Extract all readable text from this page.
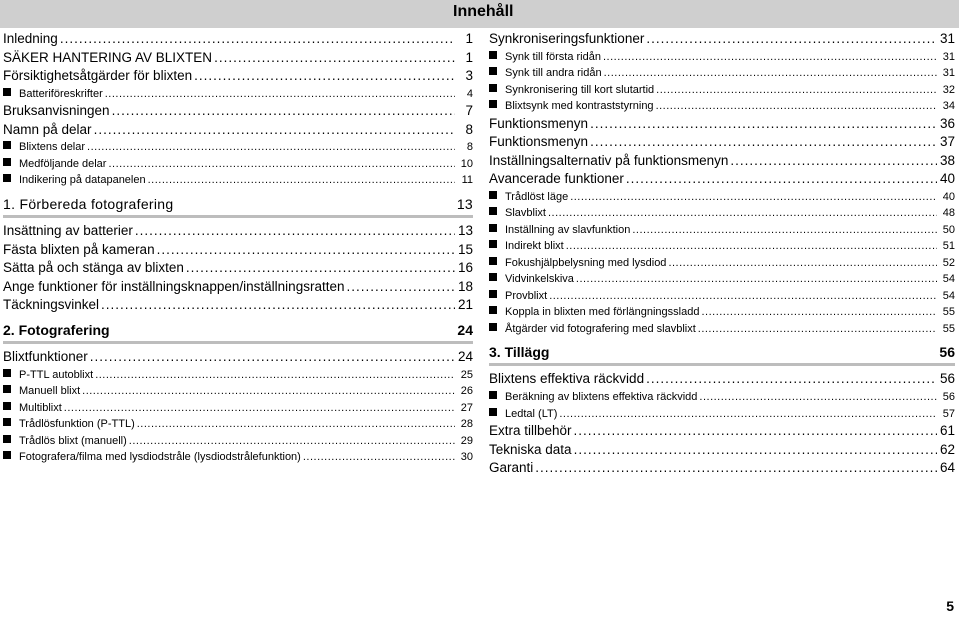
Innehåll
Inledning .....	1
SÄKER HANTERING AV BLIXTEN .....	1
Försiktighetsåtgärder för blixten .....	3
Batteriföreskrifter .....	4
Bruksanvisningen .....	7
Namn på delar .....	8
Blixtens delar .....	8
Medföljande delar .....	10
Indikering på datapanelen .....	11
1. Förbereda fotografering	13
Insättning av batterier .....	13
Fästa blixten på kameran .....	15
Sätta på och stänga av blixten .....	16
Ange funktioner för inställningsknappen/inställningsratten .....	18
Täckningsvinkel .....	21
2. Fotografering	24
Blixtfunktioner .....	24
P-TTL autoblixt .....	25
Manuell blixt .....	26
Multiblixt .....	27
Trådlösfunktion (P-TTL) .....	28
Trådlös blixt (manuell) .....	29
Fotografera/filma med lysdiodstråle (lysdiodstrålefunktion) .....	30
Synkroniseringsfunktioner .....	31
Synk till första ridån .....	31
Synk till andra ridån .....	31
Synkronisering till kort slutartid .....	32
Blixtsynk med kontraststyrning .....	34
Funktionsmenyn .....	36
Funktionsmenyn .....	37
Inställningsalternativ på funktionsmenyn .....	38
Avancerade funktioner .....	40
Trådlöst läge .....	40
Slavblixt .....	48
Inställning av slavfunktion .....	50
Indirekt blixt .....	51
Fokushjälpbelysning med lysdiod .....	52
Vidvinkelskiva .....	54
Provblixt .....	54
Koppla in blixten med förlängningssladd .....	55
Åtgärder vid fotografering med slavblixt .....	55
3. Tillägg	56
Blixtens effektiva räckvidd .....	56
Beräkning av blixtens effektiva räckvidd .....	56
Ledtal (LT) .....	57
Extra tillbehör .....	61
Tekniska data .....	62
Garanti .....	64
5
